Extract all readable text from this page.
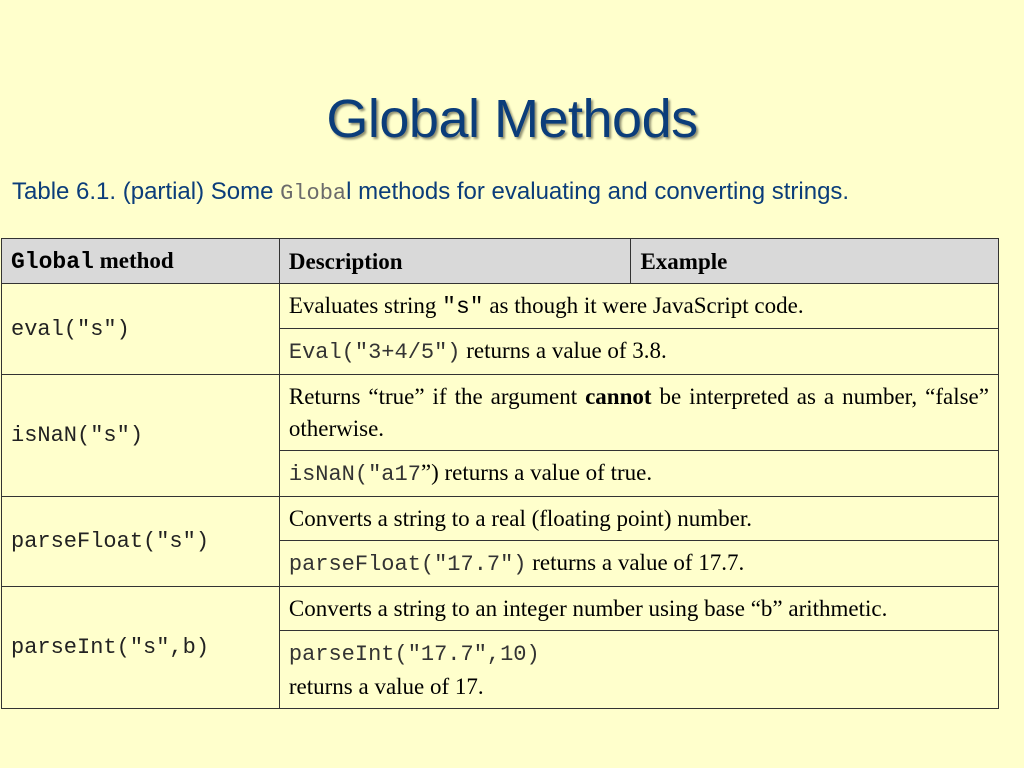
Global Methods
Table 6.1. (partial) Some Global methods for evaluating and converting strings.
Global method	Description	Example
eval("s")	Evaluates string "s" as though it were JavaScript code.	
	Eval("3+4/5") returns a value of 3.8.	
isNaN("s")	Returns “true” if the argument cannot be interpreted as a number, “false” otherwise.	
	isNaN("a17”) returns a value of true.	
parseFloat("s")	Converts a string to a real (floating point) number.	
	parseFloat("17.7") returns a value of 17.7.	
parseInt("s",b)	Converts a string to an integer number using base “b” arithmetic.	
	parseInt("17.7",10)
returns a value of 17.	
